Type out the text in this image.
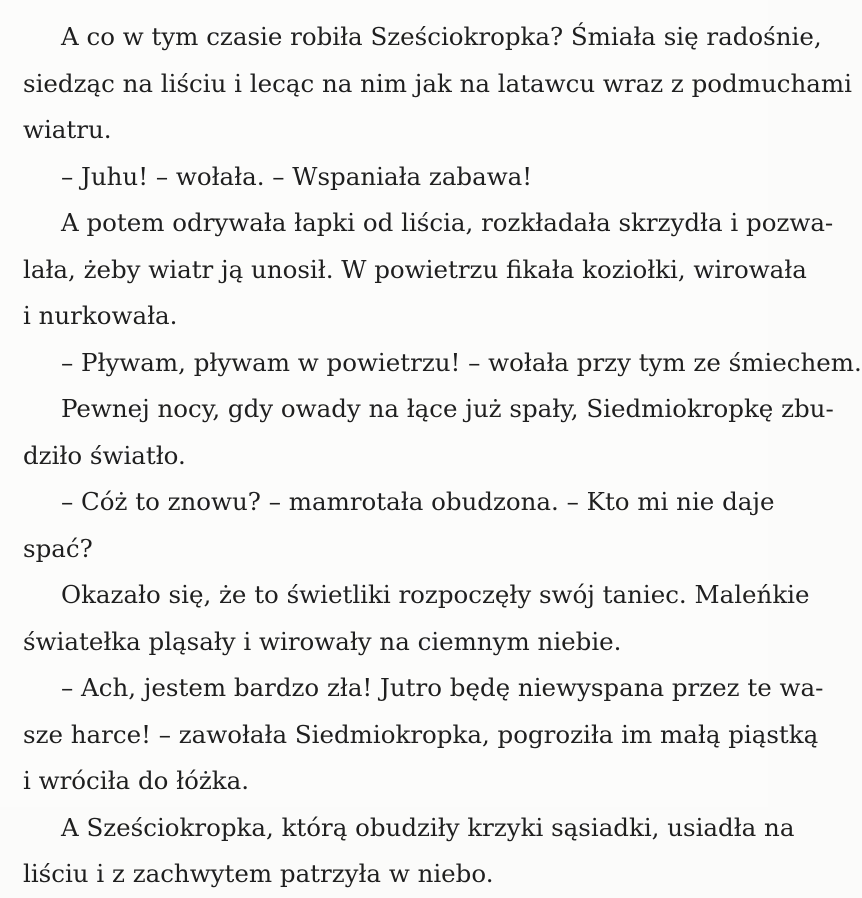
A co w tym czasie robiła Sześciokropka? Śmiała się radośnie,
siedząc na liściu i lecąc na nim jak na latawcu wraz z podmuchami
wiatru.
– Juhu! – wołała. – Wspaniała zabawa!
A potem odrywała łapki od liścia, rozkładała skrzydła i pozwa-
lała, żeby wiatr ją unosił. W powietrzu fikała koziołki, wirowała
i nurkowała.
– Pływam, pływam w powietrzu! – wołała przy tym ze śmiechem.
Pewnej nocy, gdy owady na łące już spały, Siedmiokropkę zbu-
dziło światło.
– Cóż to znowu? – mamrotała obudzona. – Kto mi nie daje
spać?
Okazało się, że to świetliki rozpoczęły swój taniec. Maleńkie
światełka pląsały i wirowały na ciemnym niebie.
– Ach, jestem bardzo zła! Jutro będę niewyspana przez te wa-
sze harce! – zawołała Siedmiokropka, pogroziła im małą piąstką
i wróciła do łóżka.
A Sześciokropka, którą obudziły krzyki sąsiadki, usiadła na
liściu i z zachwytem patrzyła w niebo.
